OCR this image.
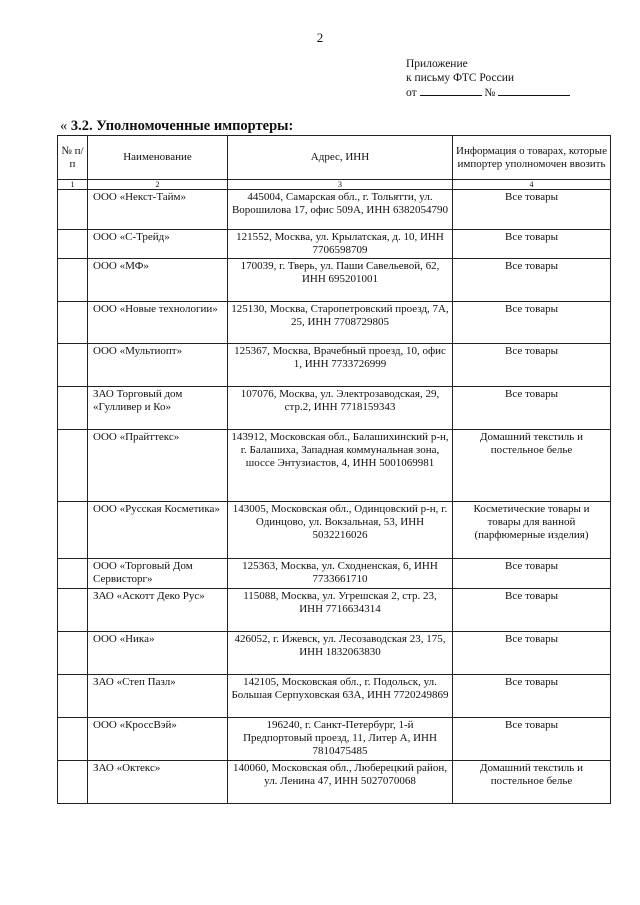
2
Приложение
к письму ФТС России
от	№
« 3.2. Уполномоченные импортеры:
№ п/п	Наименование	Адрес, ИНН	Информация о товарах, которые импортер уполномочен ввозить
1	2	3	4
	ООО «Некст-Тайм»	445004, Самарская обл., г. Тольятти, ул. Ворошилова 17, офис 509А, ИНН 6382054790	Все товары
	ООО «С-Трейд»	121552, Москва, ул. Крылатская, д. 10, ИНН 7706598709	Все товары
	ООО «МФ»	170039, г. Тверь, ул. Паши Савельевой, 62, ИНН 695201001	Все товары
	ООО «Новые технологии»	125130, Москва, Старопетровский проезд, 7А, 25, ИНН 7708729805	Все товары
	ООО «Мультиопт»	125367, Москва, Врачебный проезд, 10, офис 1, ИНН 7733726999	Все товары
	ЗАО Торговый дом «Гулливер и Ко»	107076, Москва, ул. Электрозаводская, 29, стр.2, ИНН 7718159343	Все товары
	ООО «Прайттекс»	143912, Московская обл., Балашихинский р-н, г. Балашиха, Западная коммунальная зона, шоссе Энтузиастов, 4, ИНН 5001069981	Домашний текстиль и постельное белье
	ООО «Русская Косметика»	143005, Московская обл., Одинцовский р-н, г. Одинцово, ул. Вокзальная, 53, ИНН 5032216026	Косметические товары и товары для ванной (парфюмерные изделия)
	ООО «Торговый Дом Сервисторг»	125363, Москва, ул. Сходненская, 6, ИНН 7733661710	Все товары
	ЗАО «Аскотт Деко Рус»	115088, Москва, ул. Угрешская 2, стр. 23, ИНН 7716634314	Все товары
	ООО «Ника»	426052, г. Ижевск, ул. Лесозаводская 23, 175, ИНН 1832063830	Все товары
	ЗАО «Степ Пазл»	142105, Московская обл., г. Подольск, ул. Большая Серпуховская 63А, ИНН 7720249869	Все товары
	ООО «КроссВэй»	196240, г. Санкт-Петербург, 1-й Предпортовый проезд, 11, Литер А, ИНН 7810475485	Все товары
	ЗАО «Октекс»	140060, Московская обл., Люберецкий район, ул. Ленина 47, ИНН 5027070068	Домашний текстиль и постельное белье
